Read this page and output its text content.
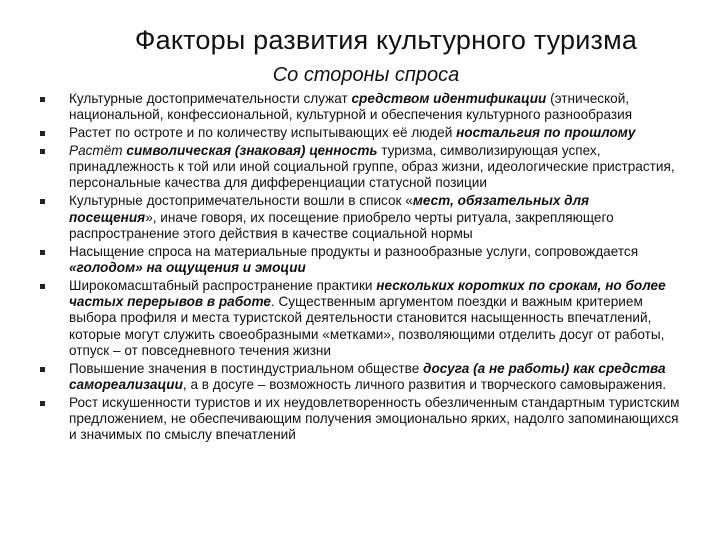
Факторы развития культурного туризма
Со стороны спроса
Культурные достопримечательности служат средством идентификации (этнической, национальной, конфессиональной, культурной и обеспечения культурного разнообразия
Растет по остроте и по количеству испытывающих её людей ностальгия по прошлому
Растёт символическая (знаковая) ценность туризма, символизирующая успех, принадлежность к той или иной социальной группе, образ жизни, идеологические пристрастия, персональные качества для дифференциации статусной позиции
Культурные достопримечательности вошли в список «мест, обязательных для посещения», иначе говоря, их посещение приобрело черты ритуала, закрепляющего распространение этого действия в качестве социальной нормы
Насыщение спроса на материальные продукты и разнообразные услуги, сопровождается «голодом» на ощущения и эмоции
Широкомасштабный распространение практики нескольких коротких по срокам, но более частых перерывов в работе. Существенным аргументом поездки и важным критерием выбора профиля и места туристской деятельности становится насыщенность впечатлений, которые могут служить своеобразными «метками», позволяющими отделить досуг от работы, отпуск – от повседневного течения жизни
Повышение значения в постиндустриальном обществе досуга (а не работы) как средства самореализации, а в досуге – возможность личного развития и творческого самовыражения.
Рост искушенности туристов и их неудовлетворенность обезличенным стандартным туристским предложением, не обеспечивающим получения эмоционально ярких, надолго запоминающихся и значимых по смыслу впечатлений
